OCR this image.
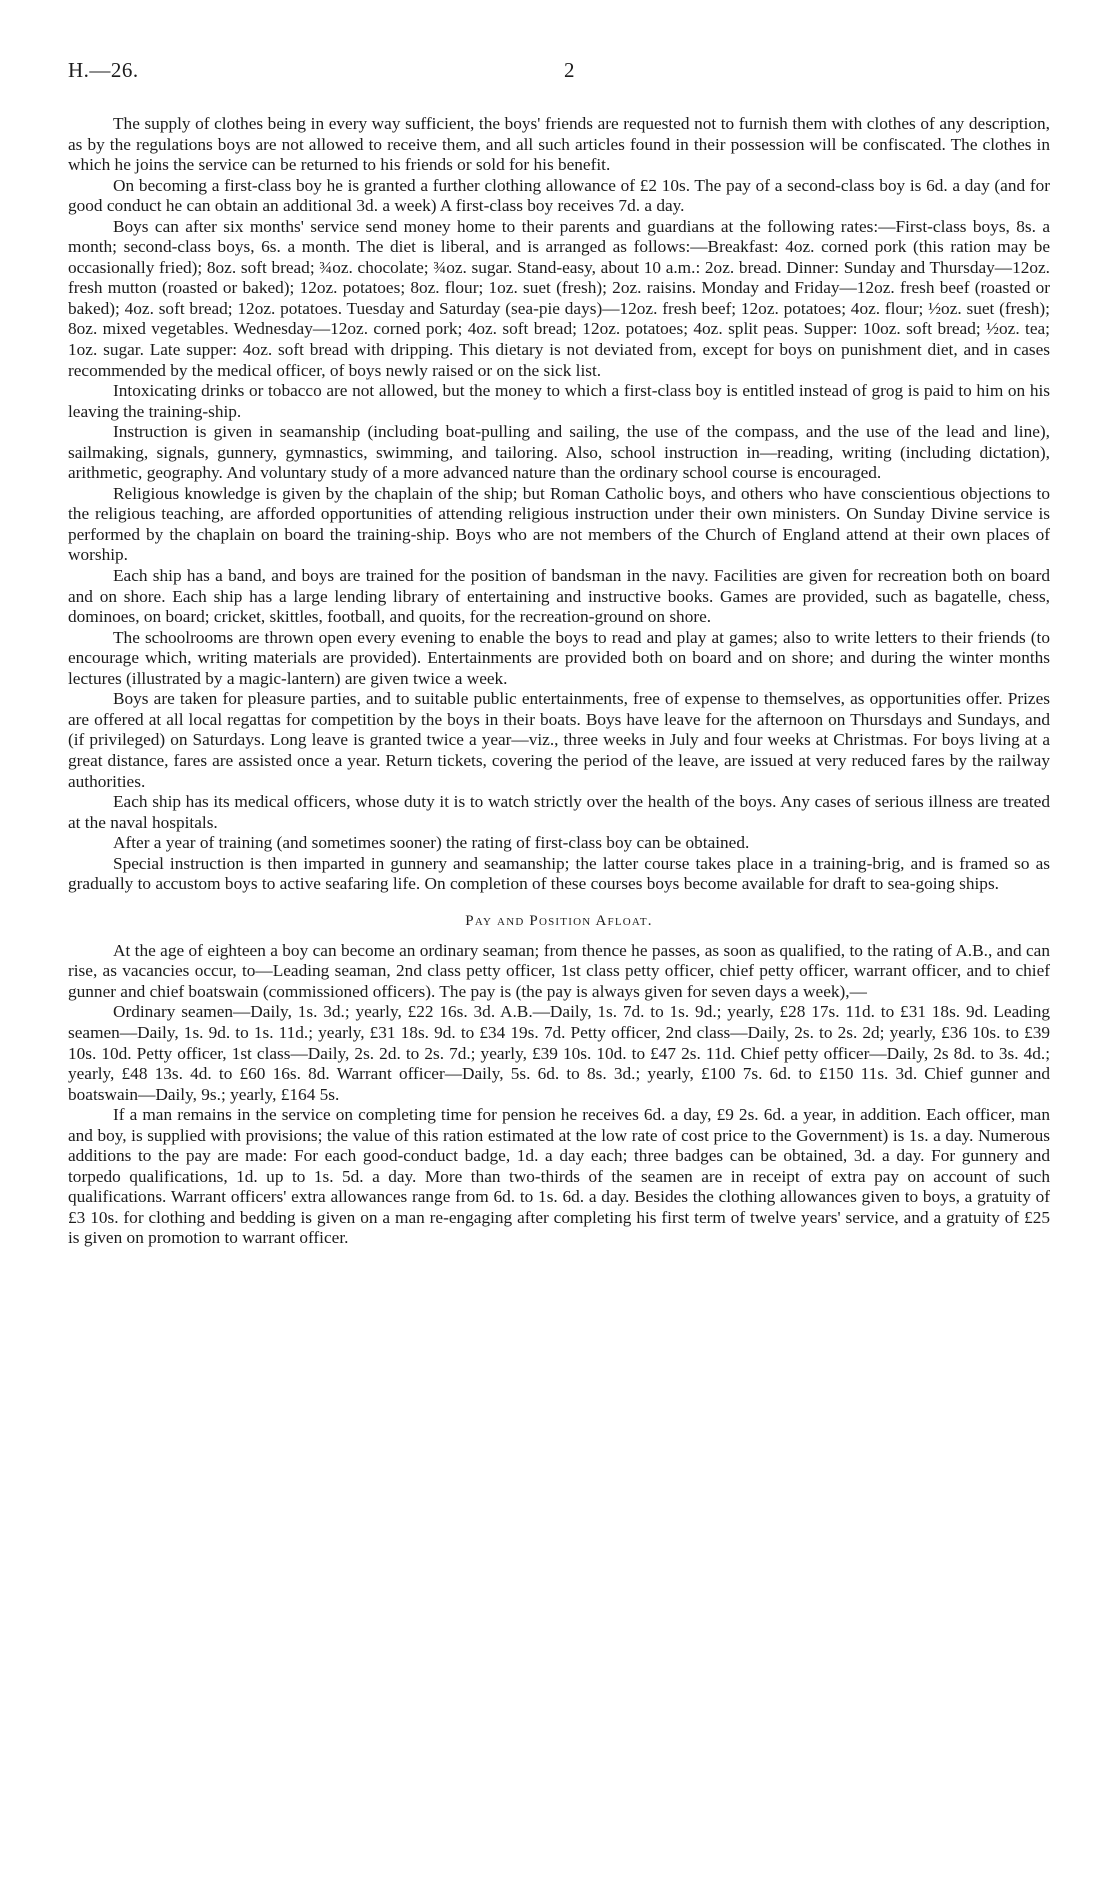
H.—26.	2

The supply of clothes being in every way sufficient, the boys' friends are requested not to furnish them with clothes of any description, as by the regulations boys are not allowed to receive them, and all such articles found in their possession will be confiscated. The clothes in which he joins the service can be returned to his friends or sold for his benefit.

On becoming a first-class boy he is granted a further clothing allowance of £2 10s. The pay of a second-class boy is 6d. a day (and for good conduct he can obtain an additional 3d. a week) A first-class boy receives 7d. a day.

Boys can after six months' service send money home to their parents and guardians at the following rates:—First-class boys, 8s. a month; second-class boys, 6s. a month. The diet is liberal, and is arranged as follows:—Breakfast: 4oz. corned pork (this ration may be occasionally fried); 8oz. soft bread; ¾oz. chocolate; ¾oz. sugar. Stand-easy, about 10 a.m.: 2oz. bread. Dinner: Sunday and Thursday—12oz. fresh mutton (roasted or baked); 12oz. potatoes; 8oz. flour; 1oz. suet (fresh); 2oz. raisins. Monday and Friday—12oz. fresh beef (roasted or baked); 4oz. soft bread; 12oz. potatoes. Tuesday and Saturday (sea-pie days)—12oz. fresh beef; 12oz. potatoes; 4oz. flour; ½oz. suet (fresh); 8oz. mixed vegetables. Wednesday—12oz. corned pork; 4oz. soft bread; 12oz. potatoes; 4oz. split peas. Supper: 10oz. soft bread; ½oz. tea; 1oz. sugar. Late supper: 4oz. soft bread with dripping. This dietary is not deviated from, except for boys on punishment diet, and in cases recommended by the medical officer, of boys newly raised or on the sick list.

Intoxicating drinks or tobacco are not allowed, but the money to which a first-class boy is entitled instead of grog is paid to him on his leaving the training-ship.

Instruction is given in seamanship (including boat-pulling and sailing, the use of the compass, and the use of the lead and line), sailmaking, signals, gunnery, gymnastics, swimming, and tailoring. Also, school instruction in—reading, writing (including dictation), arithmetic, geography. And voluntary study of a more advanced nature than the ordinary school course is encouraged.

Religious knowledge is given by the chaplain of the ship; but Roman Catholic boys, and others who have conscientious objections to the religious teaching, are afforded opportunities of attending religious instruction under their own ministers. On Sunday Divine service is performed by the chaplain on board the training-ship. Boys who are not members of the Church of England attend at their own places of worship.

Each ship has a band, and boys are trained for the position of bandsman in the navy. Facilities are given for recreation both on board and on shore. Each ship has a large lending library of entertaining and instructive books. Games are provided, such as bagatelle, chess, dominoes, on board; cricket, skittles, football, and quoits, for the recreation-ground on shore.

The schoolrooms are thrown open every evening to enable the boys to read and play at games; also to write letters to their friends (to encourage which, writing materials are provided). Entertainments are provided both on board and on shore; and during the winter months lectures (illustrated by a magic-lantern) are given twice a week.

Boys are taken for pleasure parties, and to suitable public entertainments, free of expense to themselves, as opportunities offer. Prizes are offered at all local regattas for competition by the boys in their boats. Boys have leave for the afternoon on Thursdays and Sundays, and (if privileged) on Saturdays. Long leave is granted twice a year—viz., three weeks in July and four weeks at Christmas. For boys living at a great distance, fares are assisted once a year. Return tickets, covering the period of the leave, are issued at very reduced fares by the railway authorities.

Each ship has its medical officers, whose duty it is to watch strictly over the health of the boys. Any cases of serious illness are treated at the naval hospitals.

After a year of training (and sometimes sooner) the rating of first-class boy can be obtained.

Special instruction is then imparted in gunnery and seamanship; the latter course takes place in a training-brig, and is framed so as gradually to accustom boys to active seafaring life. On completion of these courses boys become available for draft to sea-going ships.

Pay and Position Afloat.

At the age of eighteen a boy can become an ordinary seaman; from thence he passes, as soon as qualified, to the rating of A.B., and can rise, as vacancies occur, to—Leading seaman, 2nd class petty officer, 1st class petty officer, chief petty officer, warrant officer, and to chief gunner and chief boatswain (commissioned officers). The pay is (the pay is always given for seven days a week),—

Ordinary seamen—Daily, 1s. 3d.; yearly, £22 16s. 3d. A.B.—Daily, 1s. 7d. to 1s. 9d.; yearly, £28 17s. 11d. to £31 18s. 9d. Leading seamen—Daily, 1s. 9d. to 1s. 11d.; yearly, £31 18s. 9d. to £34 19s. 7d. Petty officer, 2nd class—Daily, 2s. to 2s. 2d; yearly, £36 10s. to £39 10s. 10d. Petty officer, 1st class—Daily, 2s. 2d. to 2s. 7d.; yearly, £39 10s. 10d. to £47 2s. 11d. Chief petty officer—Daily, 2s 8d. to 3s. 4d.; yearly, £48 13s. 4d. to £60 16s. 8d. Warrant officer—Daily, 5s. 6d. to 8s. 3d.; yearly, £100 7s. 6d. to £150 11s. 3d. Chief gunner and boatswain—Daily, 9s.; yearly, £164 5s.

If a man remains in the service on completing time for pension he receives 6d. a day, £9 2s. 6d. a year, in addition. Each officer, man and boy, is supplied with provisions; the value of this ration estimated at the low rate of cost price to the Government) is 1s. a day. Numerous additions to the pay are made: For each good-conduct badge, 1d. a day each; three badges can be obtained, 3d. a day. For gunnery and torpedo qualifications, 1d. up to 1s. 5d. a day. More than two-thirds of the seamen are in receipt of extra pay on account of such qualifications. Warrant officers' extra allowances range from 6d. to 1s. 6d. a day. Besides the clothing allowances given to boys, a gratuity of £3 10s. for clothing and bedding is given on a man re-engaging after completing his first term of twelve years' service, and a gratuity of £25 is given on promotion to warrant officer.
